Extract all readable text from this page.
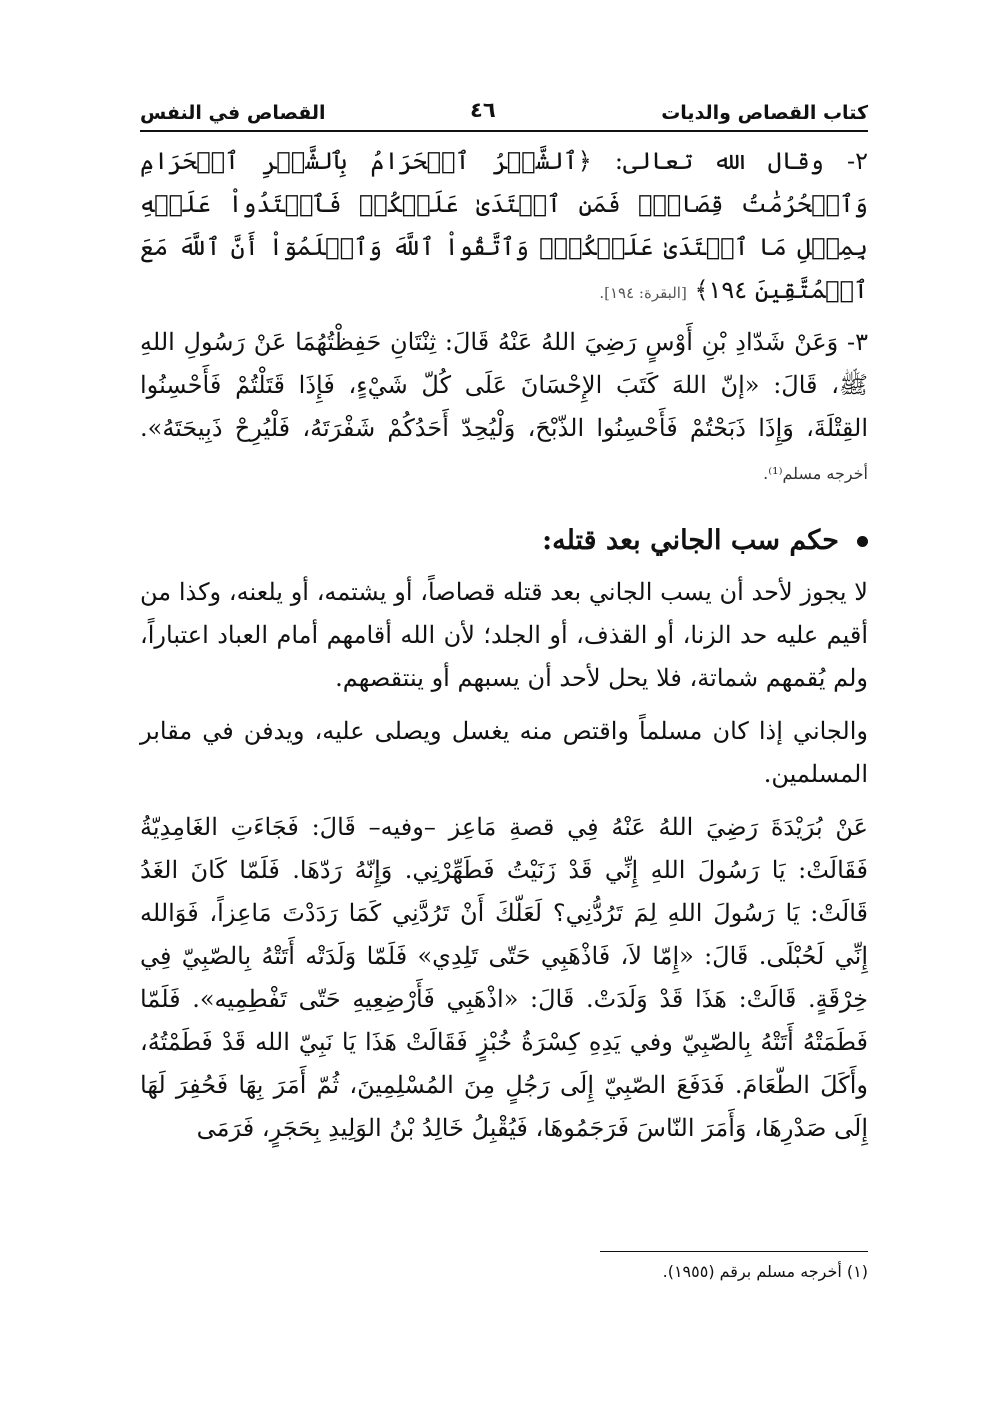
كتاب القصاص والديات
٤٦
القصاص في النفس

٢- وقال الله تعالى: ﴿ٱلشَّهۡرُ ٱلۡحَرَامُ بِٱلشَّهۡرِ ٱلۡحَرَامِ وَٱلۡحُرُمَٰتُ قِصَاصٞۚ فَمَنِ ٱعۡتَدَىٰ عَلَيۡكُمۡ فَٱعۡتَدُواْ عَلَيۡهِ بِمِثۡلِ مَا ٱعۡتَدَىٰ عَلَيۡكُمۡۚ وَٱتَّقُواْ ٱللَّهَ وَٱعۡلَمُوٓاْ أَنَّ ٱللَّهَ مَعَ ٱلۡمُتَّقِينَ ١٩٤﴾ [البقرة: ١٩٤].

٣- وَعَنْ شَدّادِ بْنِ أَوْسٍ رَضِيَ اللهُ عَنْهُ قَالَ: ثِنْتَانِ حَفِظْتُهُمَا عَنْ رَسُولِ اللهِ ﷺ، قَالَ: «إنّ اللهَ كَتَبَ الإِحْسَانَ عَلَى كُلّ شَيْءٍ، فَإِذَا قَتَلْتُمْ فَأَحْسِنُوا القِتْلَةَ، وَإِذَا ذَبَحْتُمْ فَأَحْسِنُوا الذّبْحَ، وَلْيُحِدّ أَحَدُكُمْ شَفْرَتَهُ، فَلْيُرِحْ ذَبِيحَتَهُ». أخرجه مسلم⁽¹⁾.

حكم سب الجاني بعد قتله:

لا يجوز لأحد أن يسب الجاني بعد قتله قصاصاً، أو يشتمه، أو يلعنه، وكذا من أقيم عليه حد الزنا، أو القذف، أو الجلد؛ لأن الله أقامهم أمام العباد اعتباراً، ولم يُقمهم شماتة، فلا يحل لأحد أن يسبهم أو ينتقصهم.

والجاني إذا كان مسلماً واقتص منه يغسل ويصلى عليه، ويدفن في مقابر المسلمين.

عَنْ بُرَيْدَةَ رَضِيَ اللهُ عَنْهُ فِي قصةِ مَاعِز –وفيه– قَالَ: فَجَاءَتِ الغَامِدِيّةُ فَقَالَتْ: يَا رَسُولَ اللهِ إِنِّي قَدْ زَنَيْتُ فَطَهِّرْنِي. وَإِنّهُ رَدّهَا. فَلَمّا كَانَ الغَدُ قَالَتْ: يَا رَسُولَ اللهِ لِمَ تَرُدُّنِي؟ لَعَلّكَ أَنْ تَرُدَّنِي كَمَا رَدَدْتَ مَاعِزاً، فَوَالله إِنِّي لَحُبْلَى. قَالَ: «إِمّا لاَ، فَاذْهَبِي حَتّى تَلِدِي» فَلَمّا وَلَدَتْه أَتَتْهُ بِالصّبِيّ فِي خِرْقَةٍ. قَالَتْ: هَذَا قَدْ وَلَدَتْ. قَالَ: «اذْهَبِي فَأَرْضِعِيهِ حَتّى تَفْطِمِيه». فَلَمّا فَطَمَتْهُ أَتَتْهُ بِالصّبِيّ وفي يَدِهِ كِسْرَةُ خُبْزٍ فَقَالَتْ هَذَا يَا نَبِيّ الله قَدْ فَطَمْتُهُ، وأَكَلَ الطّعَامَ. فَدَفَعَ الصّبِيّ إِلَى رَجُلٍ مِنَ المُسْلِمِينَ، ثُمّ أَمَرَ بِهَا فَحُفِرَ لَهَا إِلَى صَدْرِهَا، وَأَمَرَ النّاسَ فَرَجَمُوهَا، فَيُقْبِلُ خَالِدُ بْنُ الوَلِيدِ بِحَجَرٍ، فَرَمَى

(١) أخرجه مسلم برقم (١٩٥٥).
